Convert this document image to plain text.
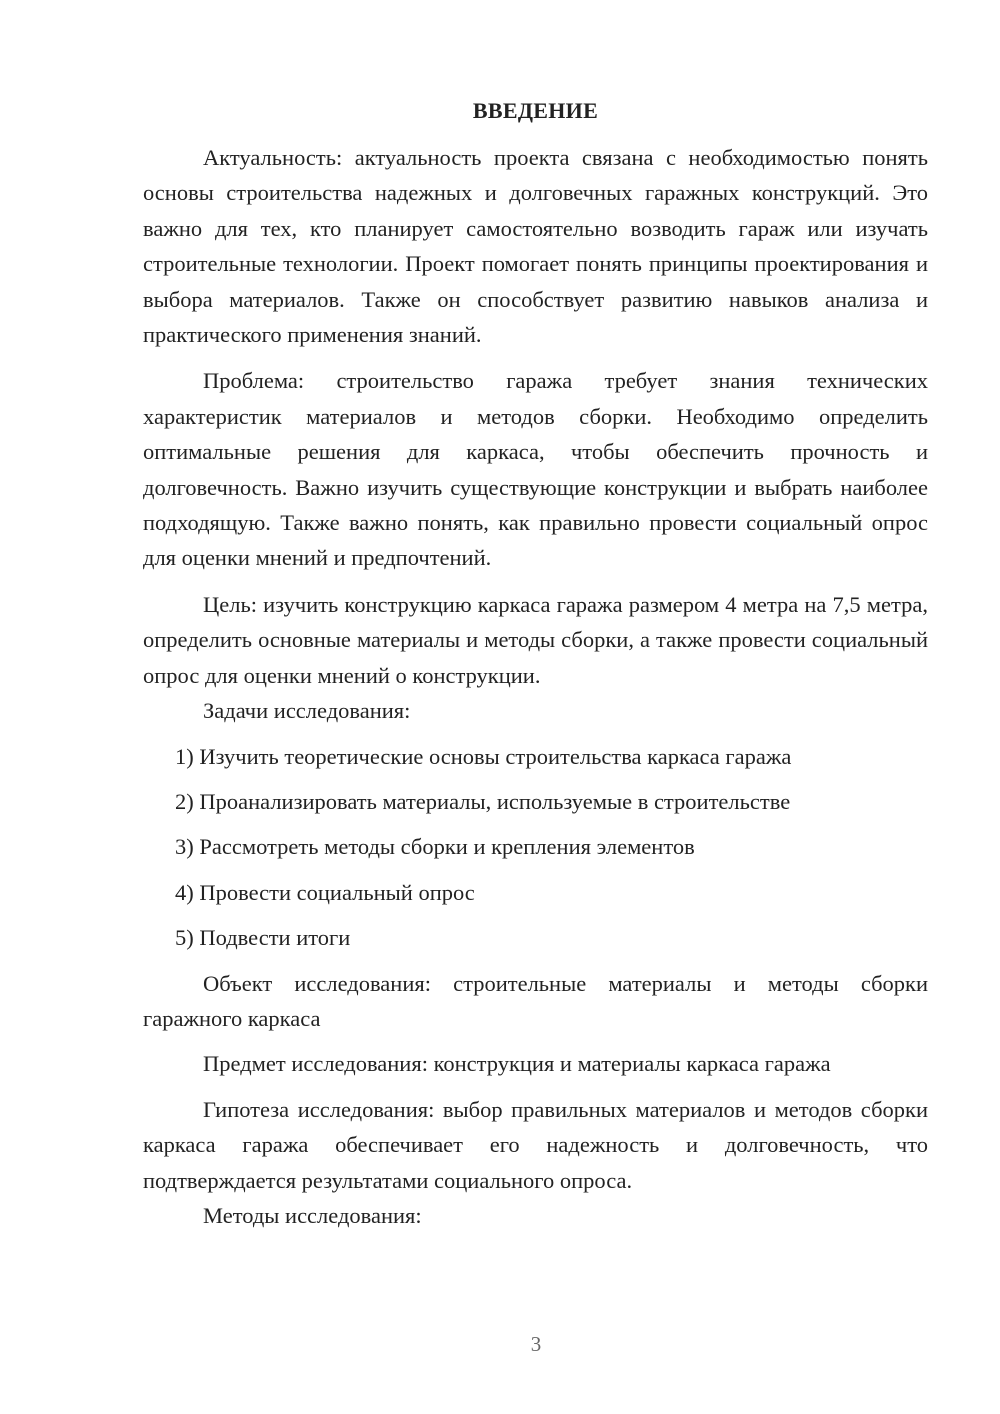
ВВЕДЕНИЕ

Актуальность: актуальность проекта связана с необходимостью понять основы строительства надежных и долговечных гаражных конструкций. Это важно для тех, кто планирует самостоятельно возводить гараж или изучать строительные технологии. Проект помогает понять принципы проектирования и выбора материалов. Также он способствует развитию навыков анализа и практического применения знаний.

Проблема: строительство гаража требует знания технических характеристик материалов и методов сборки. Необходимо определить оптимальные решения для каркаса, чтобы обеспечить прочность и долговечность. Важно изучить существующие конструкции и выбрать наиболее подходящую. Также важно понять, как правильно провести социальный опрос для оценки мнений и предпочтений.

Цель: изучить конструкцию каркаса гаража размером 4 метра на 7,5 метра, определить основные материалы и методы сборки, а также провести социальный опрос для оценки мнений о конструкции.

Задачи исследования:

1) Изучить теоретические основы строительства каркаса гаража

2) Проанализировать материалы, используемые в строительстве

3) Рассмотреть методы сборки и крепления элементов

4) Провести социальный опрос

5) Подвести итоги

Объект исследования: строительные материалы и методы сборки гаражного каркаса

Предмет исследования: конструкция и материалы каркаса гаража

Гипотеза исследования: выбор правильных материалов и методов сборки каркаса гаража обеспечивает его надежность и долговечность, что подтверждается результатами социального опроса.

Методы исследования:

3
